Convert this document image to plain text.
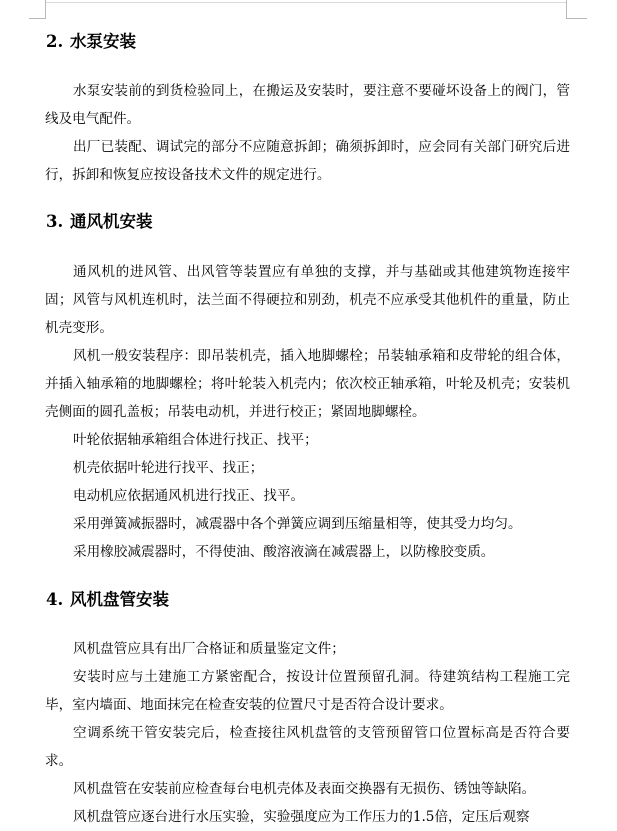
2. 水泵安装

水泵安装前的到货检验同上，在搬运及安装时，要注意不要碰坏设备上的阀门，管线及电气配件。

出厂已装配、调试完的部分不应随意拆卸；确须拆卸时，应会同有关部门研究后进行，拆卸和恢复应按设备技术文件的规定进行。

3. 通风机安装

通风机的进风管、出风管等装置应有单独的支撑，并与基础或其他建筑物连接牢固；风管与风机连机时，法兰面不得硬拉和别劲，机壳不应承受其他机件的重量，防止机壳变形。

风机一般安装程序：即吊装机壳，插入地脚螺栓；吊装轴承箱和皮带轮的组合体，并插入轴承箱的地脚螺栓；将叶轮装入机壳内；依次校正轴承箱，叶轮及机壳；安装机壳侧面的圆孔盖板；吊装电动机，并进行校正；紧固地脚螺栓。

叶轮依据轴承箱组合体进行找正、找平；

机壳依据叶轮进行找平、找正；

电动机应依据通风机进行找正、找平。

采用弹簧减振器时，减震器中各个弹簧应调到压缩量相等，使其受力均匀。

采用橡胶减震器时，不得使油、酸溶液滴在减震器上，以防橡胶变质。

4. 风机盘管安装

风机盘管应具有出厂合格证和质量鉴定文件；

安装时应与土建施工方紧密配合，按设计位置预留孔洞。待建筑结构工程施工完毕，室内墙面、地面抹完在检查安装的位置尺寸是否符合设计要求。

空调系统干管安装完后，检查接往风机盘管的支管预留管口位置标高是否符合要求。

风机盘管在安装前应检查每台电机壳体及表面交换器有无损伤、锈蚀等缺陷。

风机盘管应逐台进行水压实验，实验强度应为工作压力的1.5倍，定压后观察
